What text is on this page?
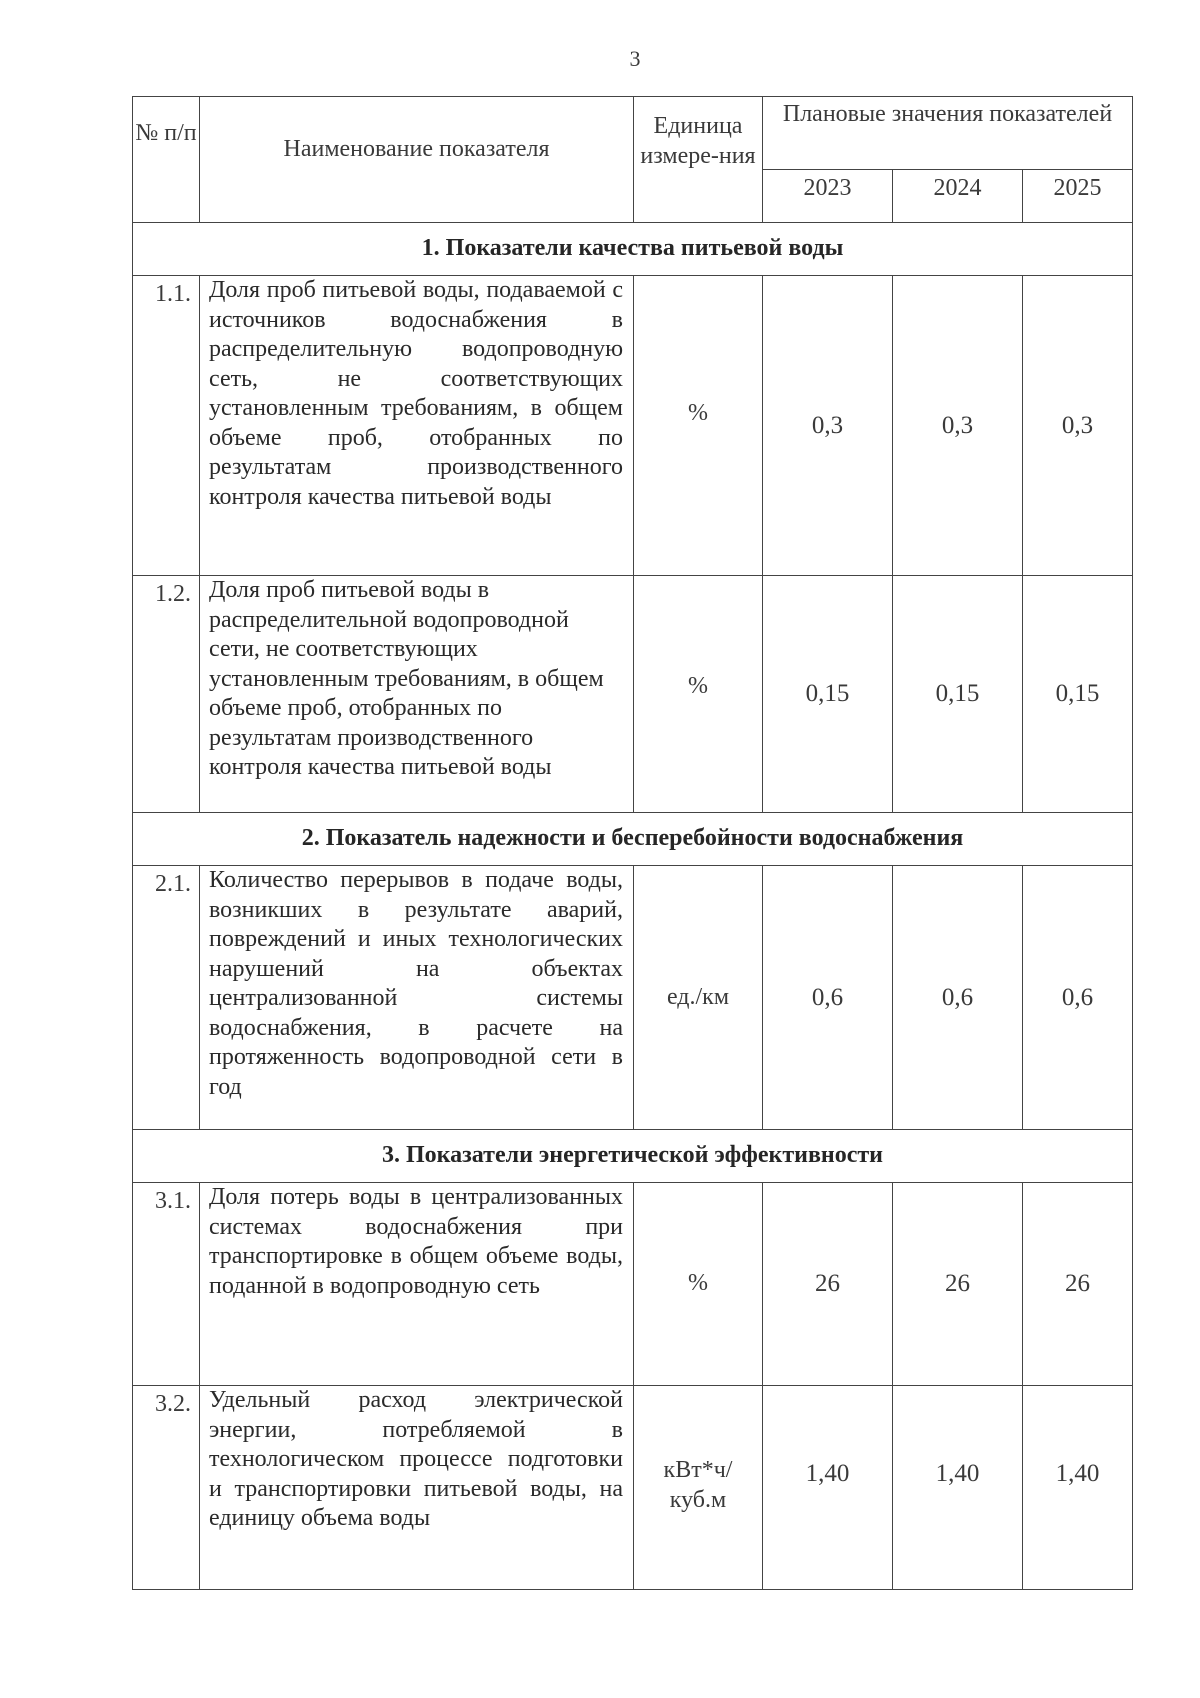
3
№ п/п	Наименование показателя	Единица измере-ния	Плановые значения показателей		
			2023	2024	2025
1. Показатели качества питьевой воды					
1.1.	Доля проб питьевой воды, подаваемой с источников водоснабжения в распределительную водопроводную сеть, не соответствующих установленным требованиям, в общем объеме проб, отобранных по результатам производственного контроля качества питьевой воды	%	0,3	0,3	0,3
1.2.	Доля проб питьевой воды в распределительной водопроводной сети, не соответствующих установленным требованиям, в общем объеме проб, отобранных по результатам производственного контроля качества питьевой воды	%	0,15	0,15	0,15
2. Показатель надежности и бесперебойности водоснабжения					
2.1.	Количество перерывов в подаче воды, возникших в результате аварий, повреждений и иных технологических нарушений на объектах централизованной системы водоснабжения, в расчете на протяженность водопроводной сети в год	ед./км	0,6	0,6	0,6
3. Показатели энергетической эффективности					
3.1.	Доля потерь воды в централизованных системах водоснабжения при транспортировке в общем объеме воды, поданной в водопроводную сеть	%	26	26	26
3.2.	Удельный расход электрической энергии, потребляемой в технологическом процессе подготовки и транспортировки питьевой воды, на единицу объема воды	кВт*ч/ куб.м	1,40	1,40	1,40
